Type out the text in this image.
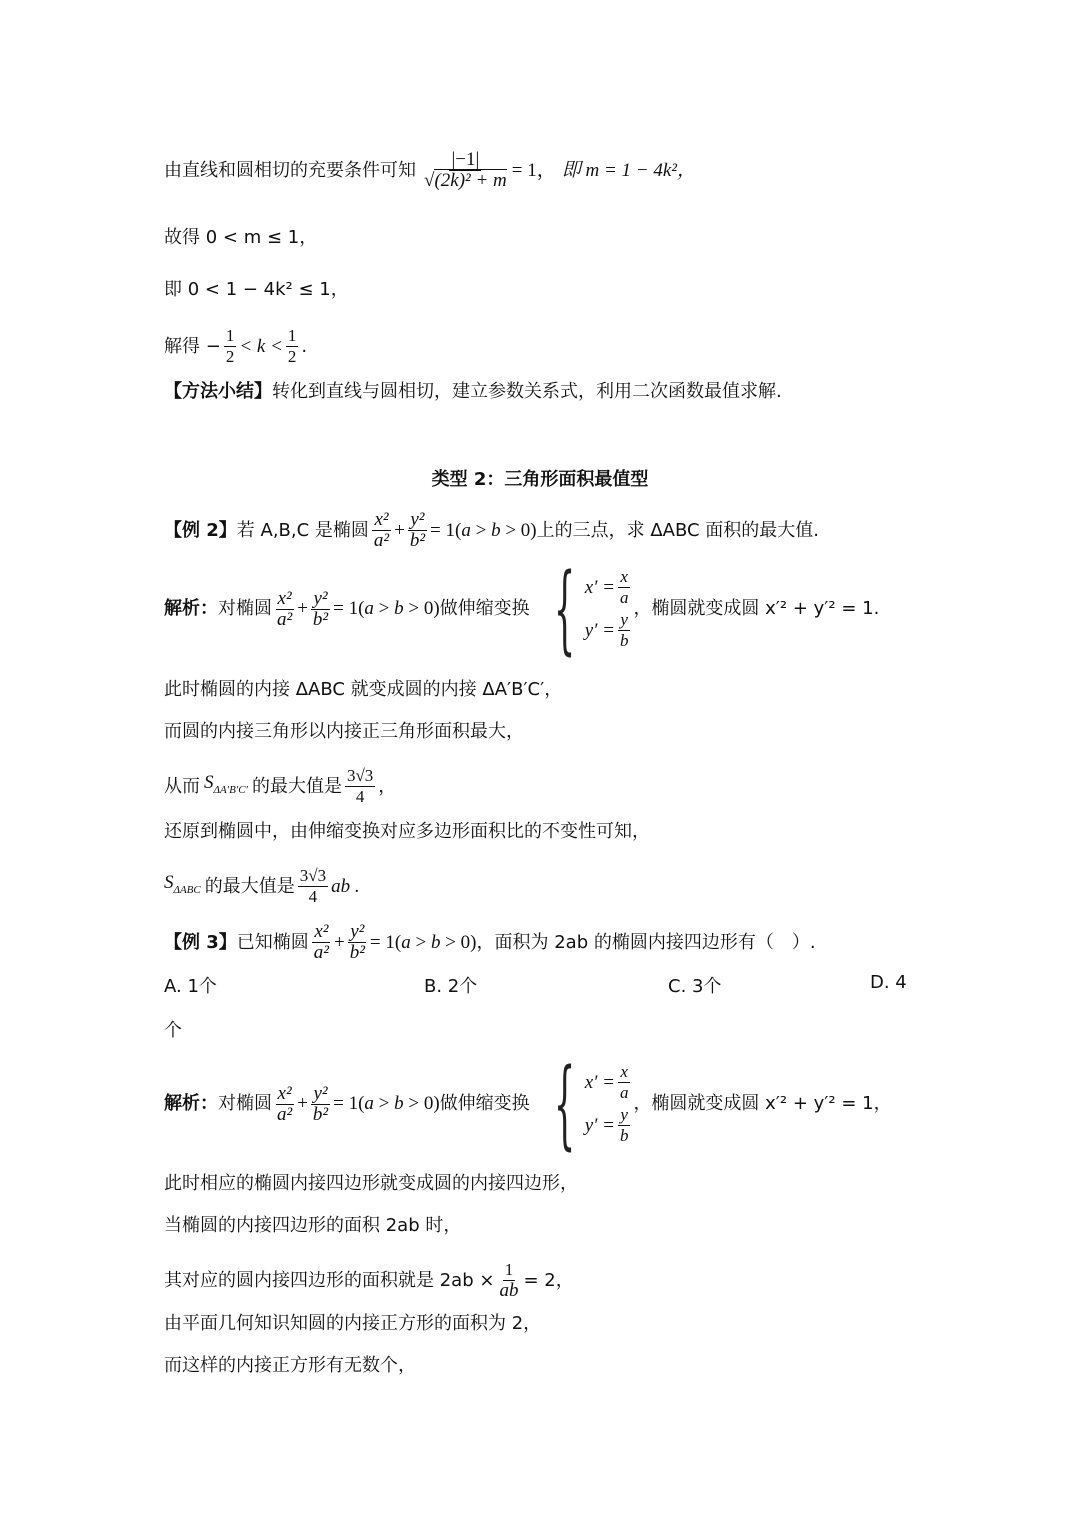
由直线和圆相切的充要条件可知 $\frac{|-1|}{\text{√(2k)² + m}} = 1$， 即 m = 1 − 4k²，
故得 0 < m ≤ 1，
即 0 < 1 − 4k² ≤ 1，
解得 − $\frac{1}{2} < k < \frac{1}{2}$ .
【方法小结】 转化到直线与圆相切，建立参数关系式，利用二次函数最值求解.
类型 2：三角形面积最值型
【例 2】 若 A,B,C 是椭圆 $\frac{\text{x²}}{\text{a²}} + \frac{\text{y²}}{\text{b²}} = 1(a > b > 0)$ 上的三点，求 ΔABC 面积的最大值.
解析： 对椭圆 $\frac{\text{x²}}{\text{a²}} + \frac{\text{y²}}{\text{b²}} = 1(a > b > 0)$ 做伸缩变换 { $x' = \frac{x}{a}$
$y' = \frac{y}{b}$
，椭圆就变成圆 x′² + y′² = 1.
此时椭圆的内接 ΔABC 就变成圆的内接 ΔA′B′C′，
而圆的内接三角形以内接正三角形面积最大，
从而 $S_{\Delta A'B'C'}$ 的最大值是 $\frac{3√3}{4}$ ，
还原到椭圆中，由伸缩变换对应多边形面积比的不变性可知，
$S_{\Delta ABC}$ 的最大值是 $\frac{3√3}{4}$ ab .
【例 3】 已知椭圆 $\frac{\text{x²}}{\text{a²}} + \frac{\text{y²}}{\text{b²}} = 1(a > b > 0)$ ，面积为 2ab 的椭圆内接四边形有（　）.
A. 1个	B. 2个	C. 3个	D. 4
个
解析： 对椭圆 $\frac{\text{x²}}{\text{a²}} + \frac{\text{y²}}{\text{b²}} = 1(a > b > 0)$ 做伸缩变换 { $x' = \frac{x}{a}$
$y' = \frac{y}{b}$
，椭圆就变成圆 x′² + y′² = 1，
此时相应的椭圆内接四边形就变成圆的内接四边形，
当椭圆的内接四边形的面积 2ab 时，
其对应的圆内接四边形的面积就是 $2ab \times \frac{1}{ab} = 2$，
由平面几何知识知圆的内接正方形的面积为 2，
而这样的内接正方形有无数个，
